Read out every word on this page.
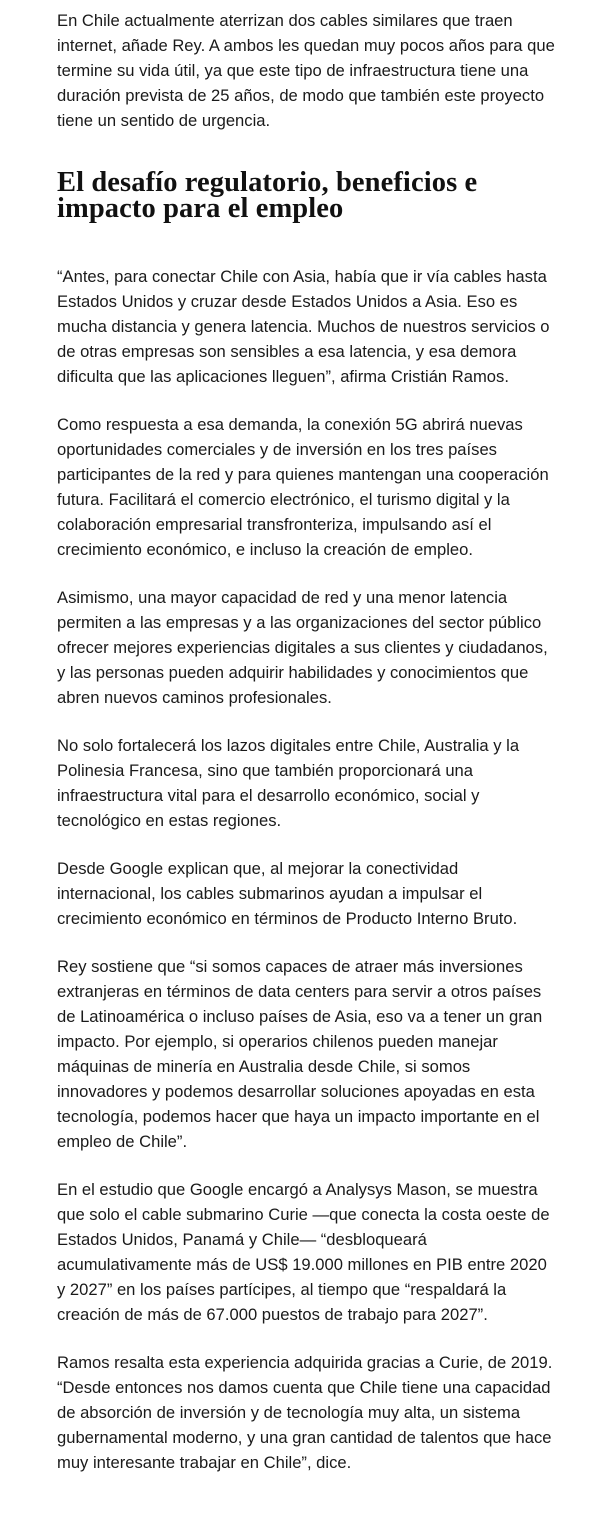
En Chile actualmente aterrizan dos cables similares que traen internet, añade Rey. A ambos les quedan muy pocos años para que termine su vida útil, ya que este tipo de infraestructura tiene una duración prevista de 25 años, de modo que también este proyecto tiene un sentido de urgencia.

El desafío regulatorio, beneficios e impacto para el empleo

“Antes, para conectar Chile con Asia, había que ir vía cables hasta Estados Unidos y cruzar desde Estados Unidos a Asia. Eso es mucha distancia y genera latencia. Muchos de nuestros servicios o de otras empresas son sensibles a esa latencia, y esa demora dificulta que las aplicaciones lleguen”, afirma Cristián Ramos.

Como respuesta a esa demanda, la conexión 5G abrirá nuevas oportunidades comerciales y de inversión en los tres países participantes de la red y para quienes mantengan una cooperación futura. Facilitará el comercio electrónico, el turismo digital y la colaboración empresarial transfronteriza, impulsando así el crecimiento económico, e incluso la creación de empleo.

Asimismo, una mayor capacidad de red y una menor latencia permiten a las empresas y a las organizaciones del sector público ofrecer mejores experiencias digitales a sus clientes y ciudadanos, y las personas pueden adquirir habilidades y conocimientos que abren nuevos caminos profesionales.

No solo fortalecerá los lazos digitales entre Chile, Australia y la Polinesia Francesa, sino que también proporcionará una infraestructura vital para el desarrollo económico, social y tecnológico en estas regiones.

Desde Google explican que, al mejorar la conectividad internacional, los cables submarinos ayudan a impulsar el crecimiento económico en términos de Producto Interno Bruto.

Rey sostiene que “si somos capaces de atraer más inversiones extranjeras en términos de data centers para servir a otros países de Latinoamérica o incluso países de Asia, eso va a tener un gran impacto. Por ejemplo, si operarios chilenos pueden manejar máquinas de minería en Australia desde Chile, si somos innovadores y podemos desarrollar soluciones apoyadas en esta tecnología, podemos hacer que haya un impacto importante en el empleo de Chile”.

En el estudio que Google encargó a Analysys Mason, se muestra que solo el cable submarino Curie —que conecta la costa oeste de Estados Unidos, Panamá y Chile— “desbloqueará acumulativamente más de US$ 19.000 millones en PIB entre 2020 y 2027” en los países partícipes, al tiempo que “respaldará la creación de más de 67.000 puestos de trabajo para 2027”.

Ramos resalta esta experiencia adquirida gracias a Curie, de 2019. “Desde entonces nos damos cuenta que Chile tiene una capacidad de absorción de inversión y de tecnología muy alta, un sistema gubernamental moderno, y una gran cantidad de talentos que hace muy interesante trabajar en Chile”, dice.
